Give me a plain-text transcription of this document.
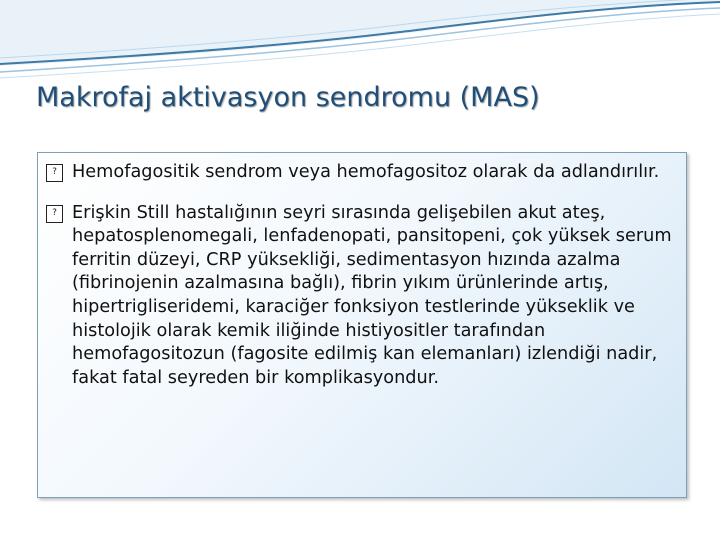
Makrofaj aktivasyon sendromu (MAS)
? Hemofagositik sendrom veya hemofagositoz olarak da adlandırılır.
? Erişkin Still hastalığının seyri sırasında gelişebilen akut ateş, hepatosplenomegali, lenfadenopati, pansitopeni, çok yüksek serum ferritin düzeyi, CRP yüksekliği, sedimentasyon hızında azalma (fibrinojenin azalmasına bağlı), fibrin yıkım ürünlerinde artış, hipertrigliseridemi, karaciğer fonksiyon testlerinde yükseklik ve histolojik olarak kemik iliğinde histiyositler tarafından hemofagositozun (fagosite edilmiş kan elemanları) izlendiği nadir, fakat fatal seyreden bir komplikasyondur.
